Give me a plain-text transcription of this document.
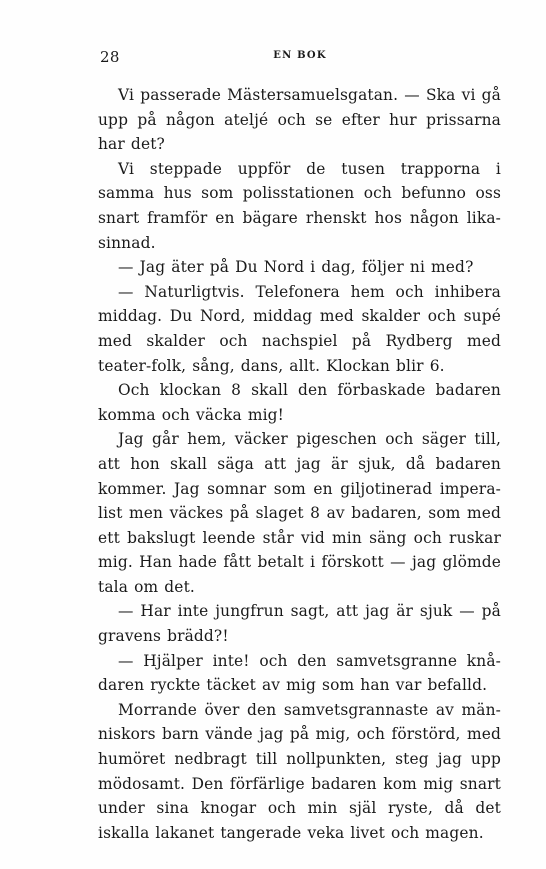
28	EN BOK

Vi passerade Mästersamuelsgatan. — Ska vi gå upp på någon ateljé och se efter hur prissarna har det?

Vi steppade uppför de tusen trapporna i samma hus som polisstationen och befunno oss snart framför en bägare rhenskt hos någon lika-sinnad.

— Jag äter på Du Nord i dag, följer ni med?

— Naturligtvis. Telefonera hem och inhibera middag. Du Nord, middag med skalder och supé med skalder och nachspiel på Rydberg med teater-folk, sång, dans, allt. Klockan blir 6.

Och klockan 8 skall den förbaskade badaren komma och väcka mig!

Jag går hem, väcker pigeschen och säger till, att hon skall säga att jag är sjuk, då badaren kommer. Jag somnar som en giljotinerad impera-list men väckes på slaget 8 av badaren, som med ett bakslugt leende står vid min säng och ruskar mig. Han hade fått betalt i förskott — jag glömde tala om det.

— Har inte jungfrun sagt, att jag är sjuk — på gravens brädd?!

— Hjälper inte! och den samvetsgranne knå-daren ryckte täcket av mig som han var befalld.

Morrande över den samvetsgrannaste av män-niskors barn vände jag på mig, och förstörd, med humöret nedbragt till nollpunkten, steg jag upp mödosamt. Den förfärlige badaren kom mig snart under sina knogar och min själ ryste, då det iskalla lakanet tangerade veka livet och magen.
